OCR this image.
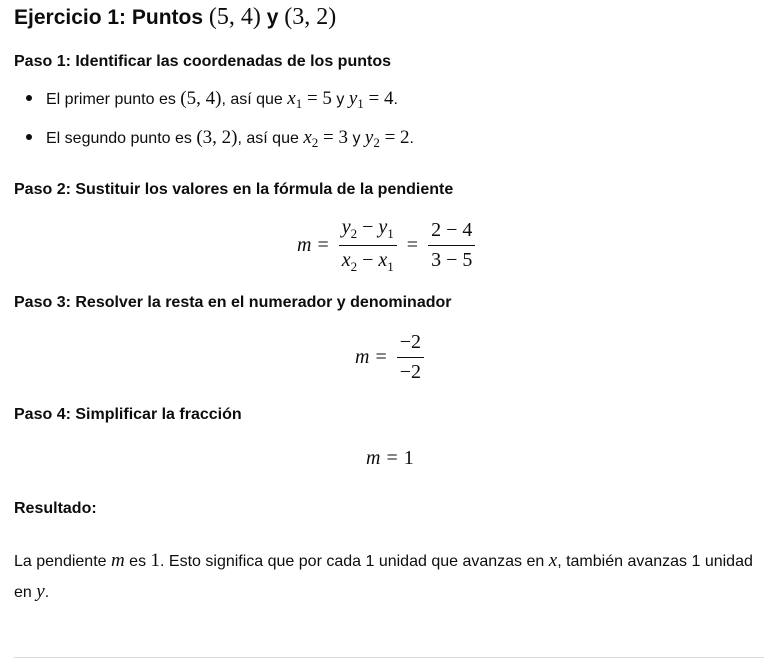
Ejercicio 1: Puntos (5, 4) y (3, 2)

Paso 1: Identificar las coordenadas de los puntos

El primer punto es (5, 4), así que $x_1 = 5$ y $y_1 = 4$.
El segundo punto es (3, 2), así que $x_2 = 3$ y $y_2 = 2$.

Paso 2: Sustituir los valores en la fórmula de la pendiente

$m = \frac{y_2 - y_1}{x_2 - x_1} = \frac{2 - 4}{3 - 5}$

Paso 3: Resolver la resta en el numerador y denominador

$m = \frac{-2}{-2}$

Paso 4: Simplificar la fracción

m = 1

Resultado:

La pendiente m es 1. Esto significa que por cada 1 unidad que avanzas en x, también avanzas 1 unidad en y.
